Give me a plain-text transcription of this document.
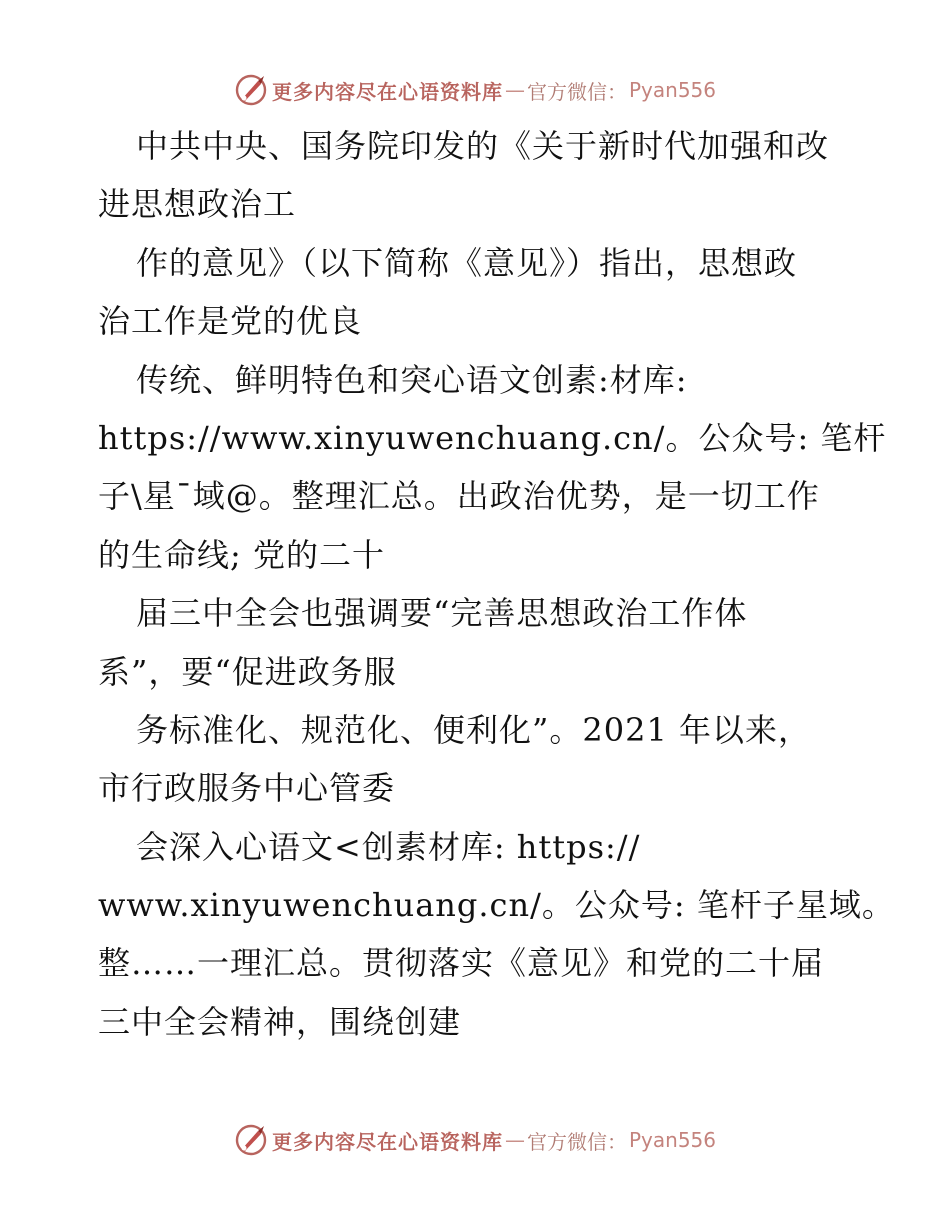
更多内容尽在心语资料库 — 官方微信： Pyan556
中共中央、国务院印发的《关于新时代加强和改
进思想政治工
作的意见》（以下简称《意见》）指出，思想政
治工作是党的优良
传统、鲜明特色和突心语文创素:材库:
https://www.xinyuwenchuang.cn/。公众号: 笔杆
子\星¯域@。整理汇总。出政治优势，是一切工作
的生命线; 党的二十
届三中全会也强调要“完善思想政治工作体
系”，要“促进政务服
务标准化、规范化、便利化”。2021 年以来，
市行政服务中心管委
会深入心语文<创素材库: https://
www.xinyuwenchuang.cn/。公众号: 笔杆子星域。
整……一理汇总。贯彻落实《意见》和党的二十届
三中全会精神，围绕创建
更多内容尽在心语资料库 — 官方微信： Pyan556
